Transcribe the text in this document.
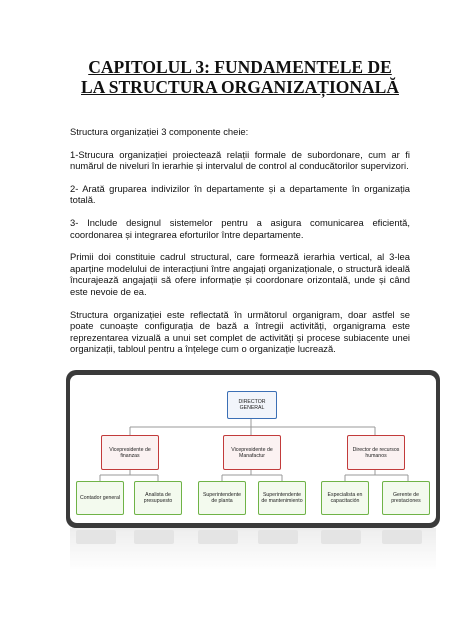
CAPITOLUL 3: FUNDAMENTELE DE
LA STRUCTURA ORGANIZAȚIONALĂ

Structura organizației 3 componente cheie:

1-Strucura organizației proiectează relații formale de subordonare, cum ar fi numărul de niveluri în ierarhie și intervalul de control al conducătorilor supervizori.

2- Arată gruparea indivizilor în departamente și a departamente în organizația totală.

3- Include designul sistemelor pentru a asigura comunicarea eficientă, coordonarea și integrarea eforturilor între departamente.

Primii doi constituie cadrul structural, care formează ierarhia vertical, al 3-lea aparține modelului de interacțiuni între angajați organizaționale, o structură ideală încurajează angajații să ofere informație și coordonare orizontală, unde și când este nevoie de ea.

Structura organizației este reflectată în următorul organigram, doar astfel se poate cunoaște configurația de bază a întregii activități, organigrama este reprezentarea vizuală a unui set complet de activități și procese subiacente unei organizații, tabloul pentru a înțelege cum o organizație lucrează.

DIRECTOR GENERAL
Vicepresidente de finanzas
Vicepresidente de Manafactur
Director de recursos humanos
Contador general	Analista de presupuesto
Superintendente de planta
Superintendente de mantenimiento
Especialista en capacitación
Gerente de prestaciones
